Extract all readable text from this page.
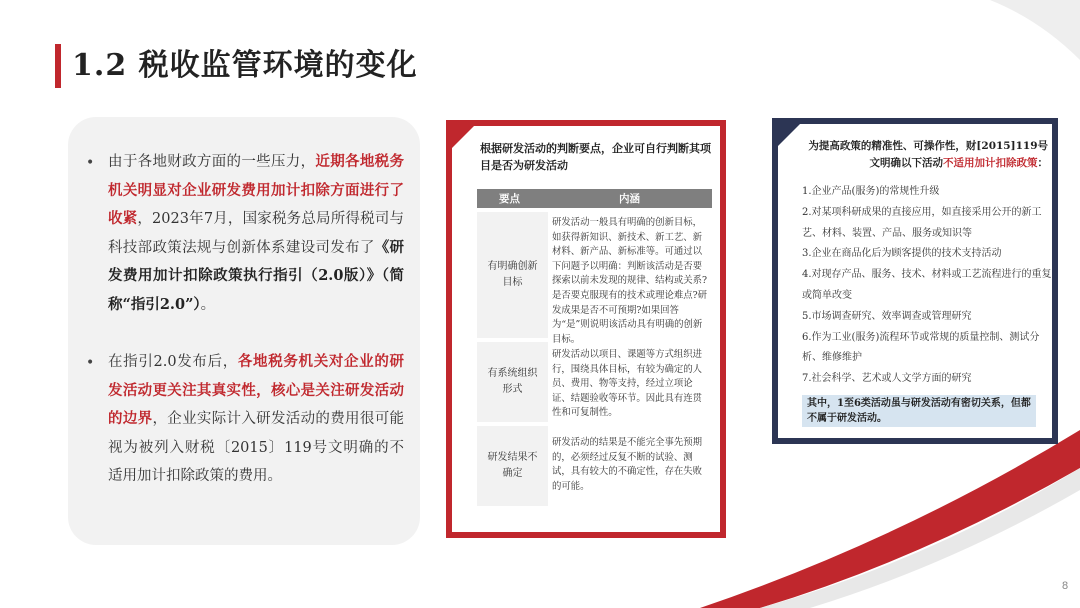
1.2 税收监管环境的变化
• 由于各地财政方面的一些压力，近期各地税务机关明显对企业研发费用加计扣除方面进行了收紧，2023年7月，国家税务总局所得税司与科技部政策法规与创新体系建设司发布了《研发费用加计扣除政策执行指引（2.0版）》（简称“指引2.0”）。
• 在指引2.0发布后，各地税务机关对企业的研发活动更关注其真实性，核心是关注研发活动的边界，企业实际计入研发活动的费用很可能视为被列入财税〔2015〕119号文明确的不适用加计扣除政策的费用。
根据研发活动的判断要点，企业可自行判断其项目是否为研发活动
要点	内涵
有明确创新目标
研发活动一般具有明确的创新目标，如获得新知识、新技术、新工艺、新材料、新产品、新标准等。可通过以下问题予以明确：判断该活动是否要探索以前未发现的规律、结构或关系?是否要克服现有的技术或理论难点?研发成果是否不可预期?如果回答为“是”则说明该活动具有明确的创新目标。
有系统组织形式
研发活动以项目、课题等方式组织进行，围绕具体目标，有较为确定的人员、费用、物等支持，经过立项论证、结题验收等环节。因此具有连贯性和可复制性。
研发结果不确定
研发活动的结果是不能完全事先预期的，必须经过反复不断的试验、测试，具有较大的不确定性，存在失败的可能。
为提高政策的精准性、可操作性，财[2015]119号文明确以下活动不适用加计扣除政策：
1.企业产品(服务)的常规性升级
2.对某项科研成果的直接应用，如直接采用公开的新工艺、材料、装置、产品、服务或知识等
3.企业在商品化后为顾客提供的技术支持活动
4.对现存产品、服务、技术、材料或工艺流程进行的重复或简单改变
5.市场调查研究、效率调查或管理研究
6.作为工业(服务)流程环节或常规的质量控制、测试分析、维修维护
7.社会科学、艺术或人文学方面的研究
其中，1至6类活动虽与研发活动有密切关系，但都不属于研发活动。
8
